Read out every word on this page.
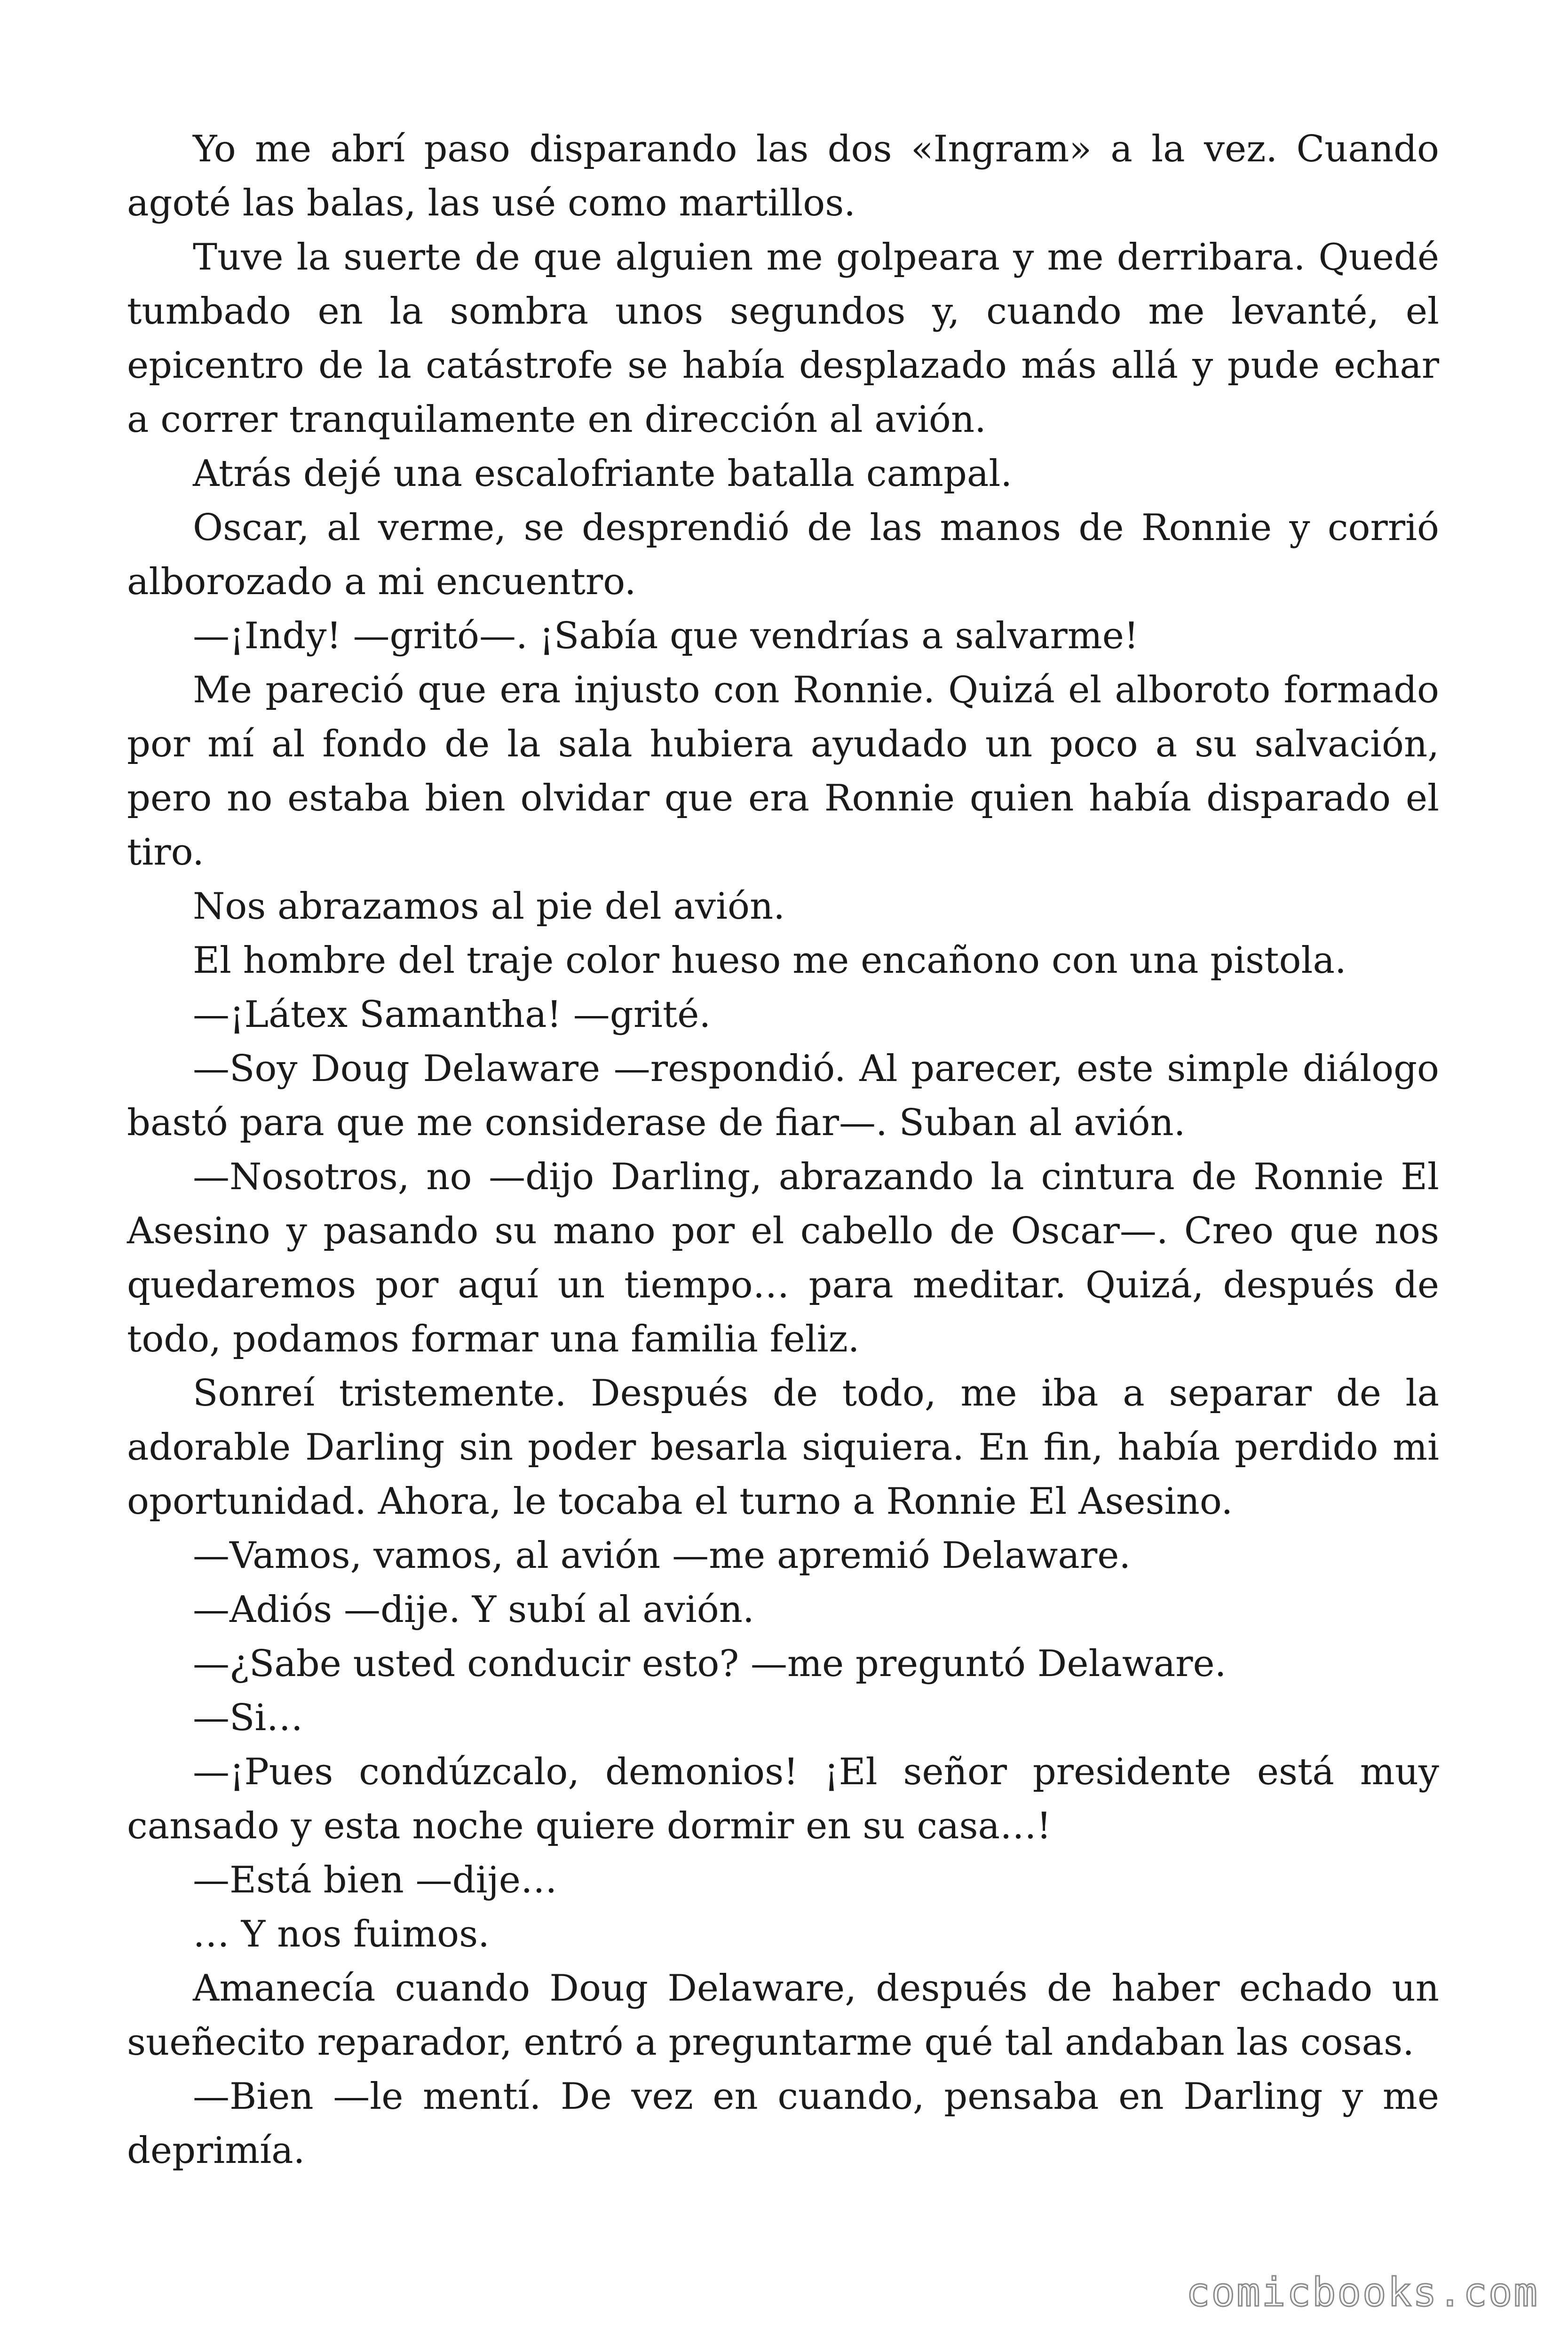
Yo me abrí paso disparando las dos «Ingram» a la vez. Cuando agoté las balas, las usé como martillos.

Tuve la suerte de que alguien me golpeara y me derribara. Quedé tumbado en la sombra unos segundos y, cuando me levanté, el epicentro de la catástrofe se había desplazado más allá y pude echar a correr tranquilamente en dirección al avión.

Atrás dejé una escalofriante batalla campal.

Oscar, al verme, se desprendió de las manos de Ronnie y corrió alborozado a mi encuentro.

—¡Indy! —gritó—. ¡Sabía que vendrías a salvarme!

Me pareció que era injusto con Ronnie. Quizá el alboroto formado por mí al fondo de la sala hubiera ayudado un poco a su salvación, pero no estaba bien olvidar que era Ronnie quien había disparado el tiro.

Nos abrazamos al pie del avión.

El hombre del traje color hueso me encañono con una pistola.

—¡Látex Samantha! —grité.

—Soy Doug Delaware —respondió. Al parecer, este simple diálogo bastó para que me considerase de fiar—. Suban al avión.

—Nosotros, no —dijo Darling, abrazando la cintura de Ronnie El Asesino y pasando su mano por el cabello de Oscar—. Creo que nos quedaremos por aquí un tiempo… para meditar. Quizá, después de todo, podamos formar una familia feliz.

Sonreí tristemente. Después de todo, me iba a separar de la adorable Darling sin poder besarla siquiera. En fin, había perdido mi oportunidad. Ahora, le tocaba el turno a Ronnie El Asesino.

—Vamos, vamos, al avión —me apremió Delaware.

—Adiós —dije. Y subí al avión.

—¿Sabe usted conducir esto? —me preguntó Delaware.

—Si…

—¡Pues condúzcalo, demonios! ¡El señor presidente está muy cansado y esta noche quiere dormir en su casa…!

—Está bien —dije…

… Y nos fuimos.

Amanecía cuando Doug Delaware, después de haber echado un sueñecito reparador, entró a preguntarme qué tal andaban las cosas.

—Bien —le mentí. De vez en cuando, pensaba en Darling y me deprimía.

comicbooks.com
